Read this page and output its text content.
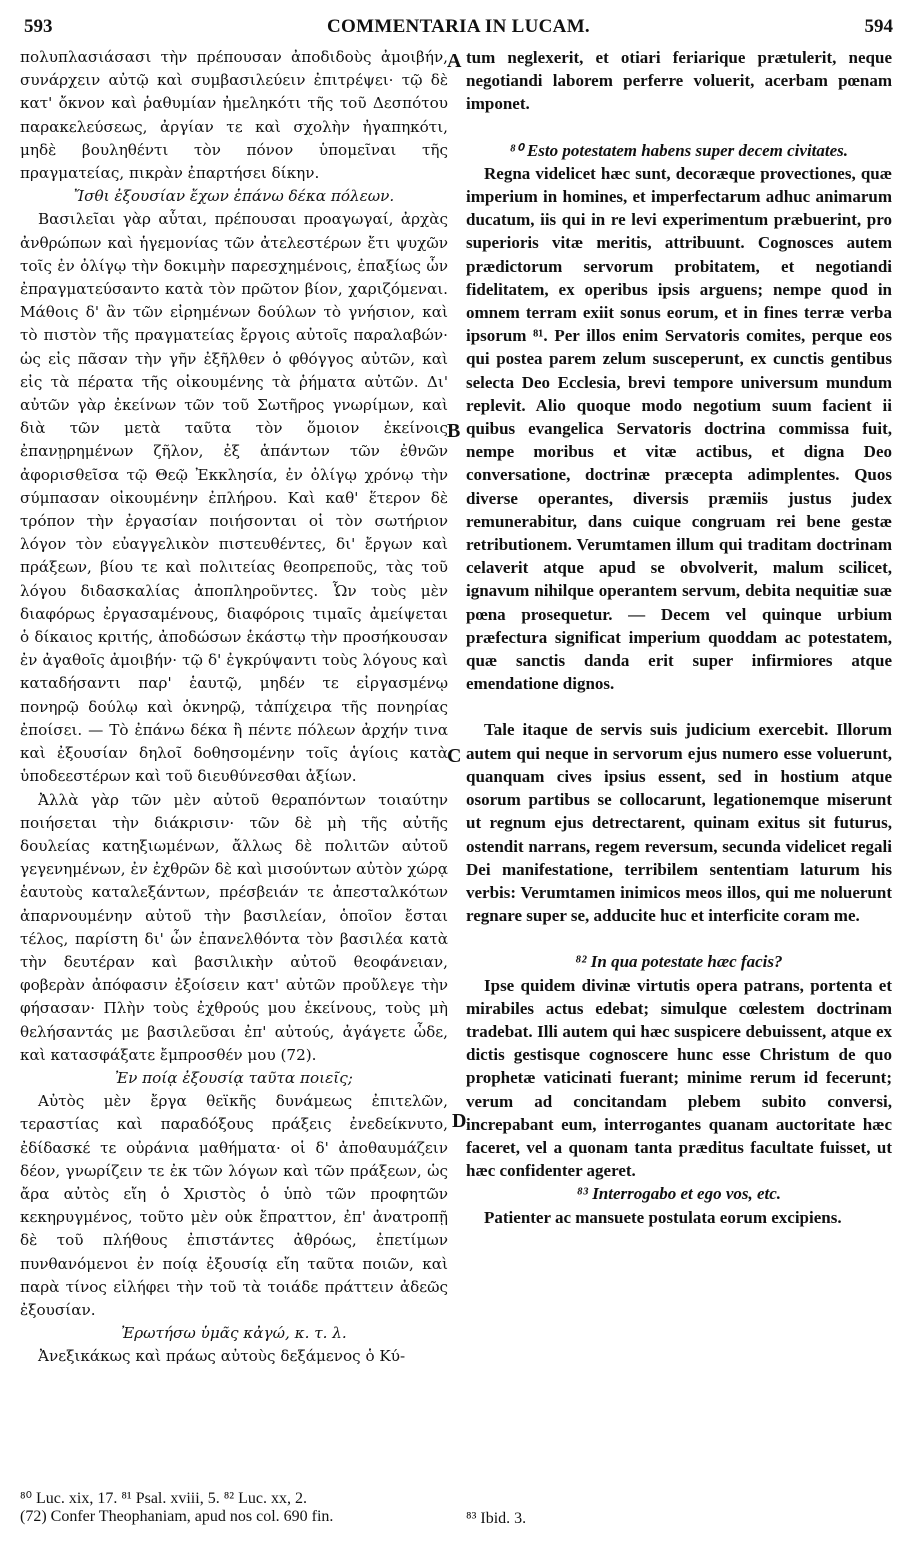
593	COMMENTARIA IN LUCAM.	594
A
B
C
D

πολυπλασιάσασι τὴν πρέπουσαν ἀποδιδοὺς ἀμοιβήν, συνάρχειν αὐτῷ καὶ συμβασιλεύειν ἐπιτρέψει· τῷ δὲ κατ' ὄκνον καὶ ῥαθυμίαν ἠμεληκότι τῆς τοῦ Δεσπότου παρακελεύσεως, ἀργίαν τε καὶ σχολὴν ἠγαπηκότι, μηδὲ βουληθέντι τὸν πόνον ὑπομεῖναι τῆς πραγματείας, πικρὰν ἐπαρτήσει δίκην.

Ἴσθι ἐξουσίαν ἔχων ἐπάνω δέκα πόλεων.

Βασιλεῖαι γὰρ αὗται, πρέπουσαι προαγωγαί, ἀρχὰς ἀνθρώπων καὶ ἡγεμονίας τῶν ἀτελεστέρων ἔτι ψυχῶν τοῖς ἐν ὀλίγῳ τὴν δοκιμὴν παρεσχημένοις, ἐπαξίως ὧν ἐπραγματεύσαντο κατὰ τὸν πρῶτον βίον, χαριζόμεναι. Μάθοις δ' ἂν τῶν εἰρημένων δούλων τὸ γνήσιον, καὶ τὸ πιστὸν τῆς πραγματείας ἔργοις αὐτοῖς παραλαβών· ὡς εἰς πᾶσαν τὴν γῆν ἐξῆλθεν ὁ φθόγγος αὐτῶν, καὶ εἰς τὰ πέρατα τῆς οἰκουμένης τὰ ῥήματα αὐτῶν. Δι' αὐτῶν γὰρ ἐκείνων τῶν τοῦ Σωτῆρος γνωρίμων, καὶ διὰ τῶν μετὰ ταῦτα τὸν ὅμοιον ἐκείνοις ἐπανῃρημένων ζῆλον, ἐξ ἁπάντων τῶν ἐθνῶν ἀφορισθεῖσα τῷ Θεῷ Ἐκκλησία, ἐν ὀλίγῳ χρόνῳ τὴν σύμπασαν οἰκουμένην ἐπλήρου. Καὶ καθ' ἕτερον δὲ τρόπον τὴν ἐργασίαν ποιήσονται οἱ τὸν σωτήριον λόγον τὸν εὐαγγελικὸν πιστευθέντες, δι' ἔργων καὶ πράξεων, βίου τε καὶ πολιτείας θεοπρεποῦς, τὰς τοῦ λόγου διδασκαλίας ἀποπληροῦντες. Ὧν τοὺς μὲν διαφόρως ἐργασαμένους, διαφόροις τιμαῖς ἀμείψεται ὁ δίκαιος κριτής, ἀποδώσων ἑκάστῳ τὴν προσήκουσαν ἐν ἀγαθοῖς ἀμοιβήν· τῷ δ' ἐγκρύψαντι τοὺς λόγους καὶ καταδήσαντι παρ' ἑαυτῷ, μηδέν τε εἰργασμένῳ πονηρῷ δούλῳ καὶ ὀκνηρῷ, τἀπίχειρα τῆς πονηρίας ἐποίσει. — Τὸ ἐπάνω δέκα ἢ πέντε πόλεων ἀρχήν τινα καὶ ἐξουσίαν δηλοῖ δοθησομένην τοῖς ἁγίοις κατὰ ὑποδεεστέρων καὶ τοῦ διευθύνεσθαι ἀξίων.

Ἀλλὰ γὰρ τῶν μὲν αὐτοῦ θεραπόντων τοιαύτην ποιήσεται τὴν διάκρισιν· τῶν δὲ μὴ τῆς αὐτῆς δουλείας κατηξιωμένων, ἄλλως δὲ πολιτῶν αὐτοῦ γεγενημένων, ἐν ἐχθρῶν δὲ καὶ μισούντων αὐτὸν χώρᾳ ἑαυτοὺς καταλεξάντων, πρέσβειάν τε ἀπεσταλκότων ἀπαρνουμένην αὐτοῦ τὴν βασιλείαν, ὁποῖον ἔσται τέλος, παρίστη δι' ὧν ἐπανελθόντα τὸν βασιλέα κατὰ τὴν δευτέραν καὶ βασιλικὴν αὐτοῦ θεοφάνειαν, φοβερὰν ἀπόφασιν ἐξοίσειν κατ' αὐτῶν προὔλεγε τὴν φήσασαν· Πλὴν τοὺς ἐχθρούς μου ἐκείνους, τοὺς μὴ θελήσαντάς με βασιλεῦσαι ἐπ' αὐτούς, ἀγάγετε ὧδε, καὶ κατασφάξατε ἔμπροσθέν μου (72).

Ἐν ποίᾳ ἐξουσίᾳ ταῦτα ποιεῖς;

Αὐτὸς μὲν ἔργα θεϊκῆς δυνάμεως ἐπιτελῶν, τεραστίας καὶ παραδόξους πράξεις ἐνεδείκνυτο, ἐδίδασκέ τε οὐράνια μαθήματα· οἱ δ' ἀποθαυμάζειν δέον, γνωρίζειν τε ἐκ τῶν λόγων καὶ τῶν πράξεων, ὡς ἄρα αὐτὸς εἴη ὁ Χριστὸς ὁ ὑπὸ τῶν προφητῶν κεκηρυγμένος, τοῦτο μὲν οὐκ ἔπραττον, ἐπ' ἀνατροπῇ δὲ τοῦ πλήθους ἐπιστάντες ἀθρόως, ἐπετίμων πυνθανόμενοι ἐν ποίᾳ ἐξουσίᾳ εἴη ταῦτα ποιῶν, καὶ παρὰ τίνος εἰλήφει τὴν τοῦ τὰ τοιάδε πράττειν ἀδεῶς ἐξουσίαν.

Ἐρωτήσω ὑμᾶς κἀγώ, κ. τ. λ.

Ἀνεξικάκως καὶ πράως αὐτοὺς δεξάμενος ὁ Κύ-

tum neglexerit, et otiari feriarique prætulerit, neque negotiandi laborem perferre voluerit, acerbam pœnam imponet.

⁸⁰ Esto potestatem habens super decem civitates.

Regna videlicet hæc sunt, decoræque provectiones, quæ imperium in homines, et imperfectarum adhuc animarum ducatum, iis qui in re levi experimentum præbuerint, pro superioris vitæ meritis, attribuunt. Cognosces autem prædictorum servorum probitatem, et negotiandi fidelitatem, ex operibus ipsis arguens; nempe quod in omnem terram exiit sonus eorum, et in fines terræ verba ipsorum ⁸¹. Per illos enim Servatoris comites, perque eos qui postea parem zelum susceperunt, ex cunctis gentibus selecta Deo Ecclesia, brevi tempore universum mundum replevit. Alio quoque modo negotium suum facient ii quibus evangelica Servatoris doctrina commissa fuit, nempe moribus et vitæ actibus, et digna Deo conversatione, doctrinæ præcepta adimplentes. Quos diverse operantes, diversis præmiis justus judex remunerabitur, dans cuique congruam rei bene gestæ retributionem. Verumtamen illum qui traditam doctrinam celaverit atque apud se obvolverit, malum scilicet, ignavum nihilque operantem servum, debita nequitiæ suæ pœna prosequetur. — Decem vel quinque urbium præfectura significat imperium quoddam ac potestatem, quæ sanctis danda erit super infirmiores atque emendatione dignos.

Tale itaque de servis suis judicium exercebit. Illorum autem qui neque in servorum ejus numero esse voluerunt, quanquam cives ipsius essent, sed in hostium atque osorum partibus se collocarunt, legationemque miserunt ut regnum ejus detrectarent, quinam exitus sit futurus, ostendit narrans, regem reversum, secunda videlicet regali Dei manifestatione, terribilem sententiam laturum his verbis: Verumtamen inimicos meos illos, qui me noluerunt regnare super se, adducite huc et interficite coram me.

⁸² In qua potestate hæc facis?

Ipse quidem divinæ virtutis opera patrans, portenta et mirabiles actus edebat; simulque cœlestem doctrinam tradebat. Illi autem qui hæc suspicere debuissent, atque ex dictis gestisque cognoscere hunc esse Christum de quo prophetæ vaticinati fuerant; minime rerum id fecerunt; verum ad concitandam plebem subito conversi, increpabant eum, interrogantes quanam auctoritate hæc faceret, vel a quonam tanta præditus facultate fuisset, ut hæc confidenter ageret.

⁸³ Interrogabo et ego vos, etc.

Patienter ac mansuete postulata eorum excipiens.

⁸⁰ Luc. xix, 17. ⁸¹ Psal. xviii, 5. ⁸² Luc. xx, 2.
(72) Confer Theophaniam, apud nos col. 690 fin.	⁸³ Ibid. 3.
